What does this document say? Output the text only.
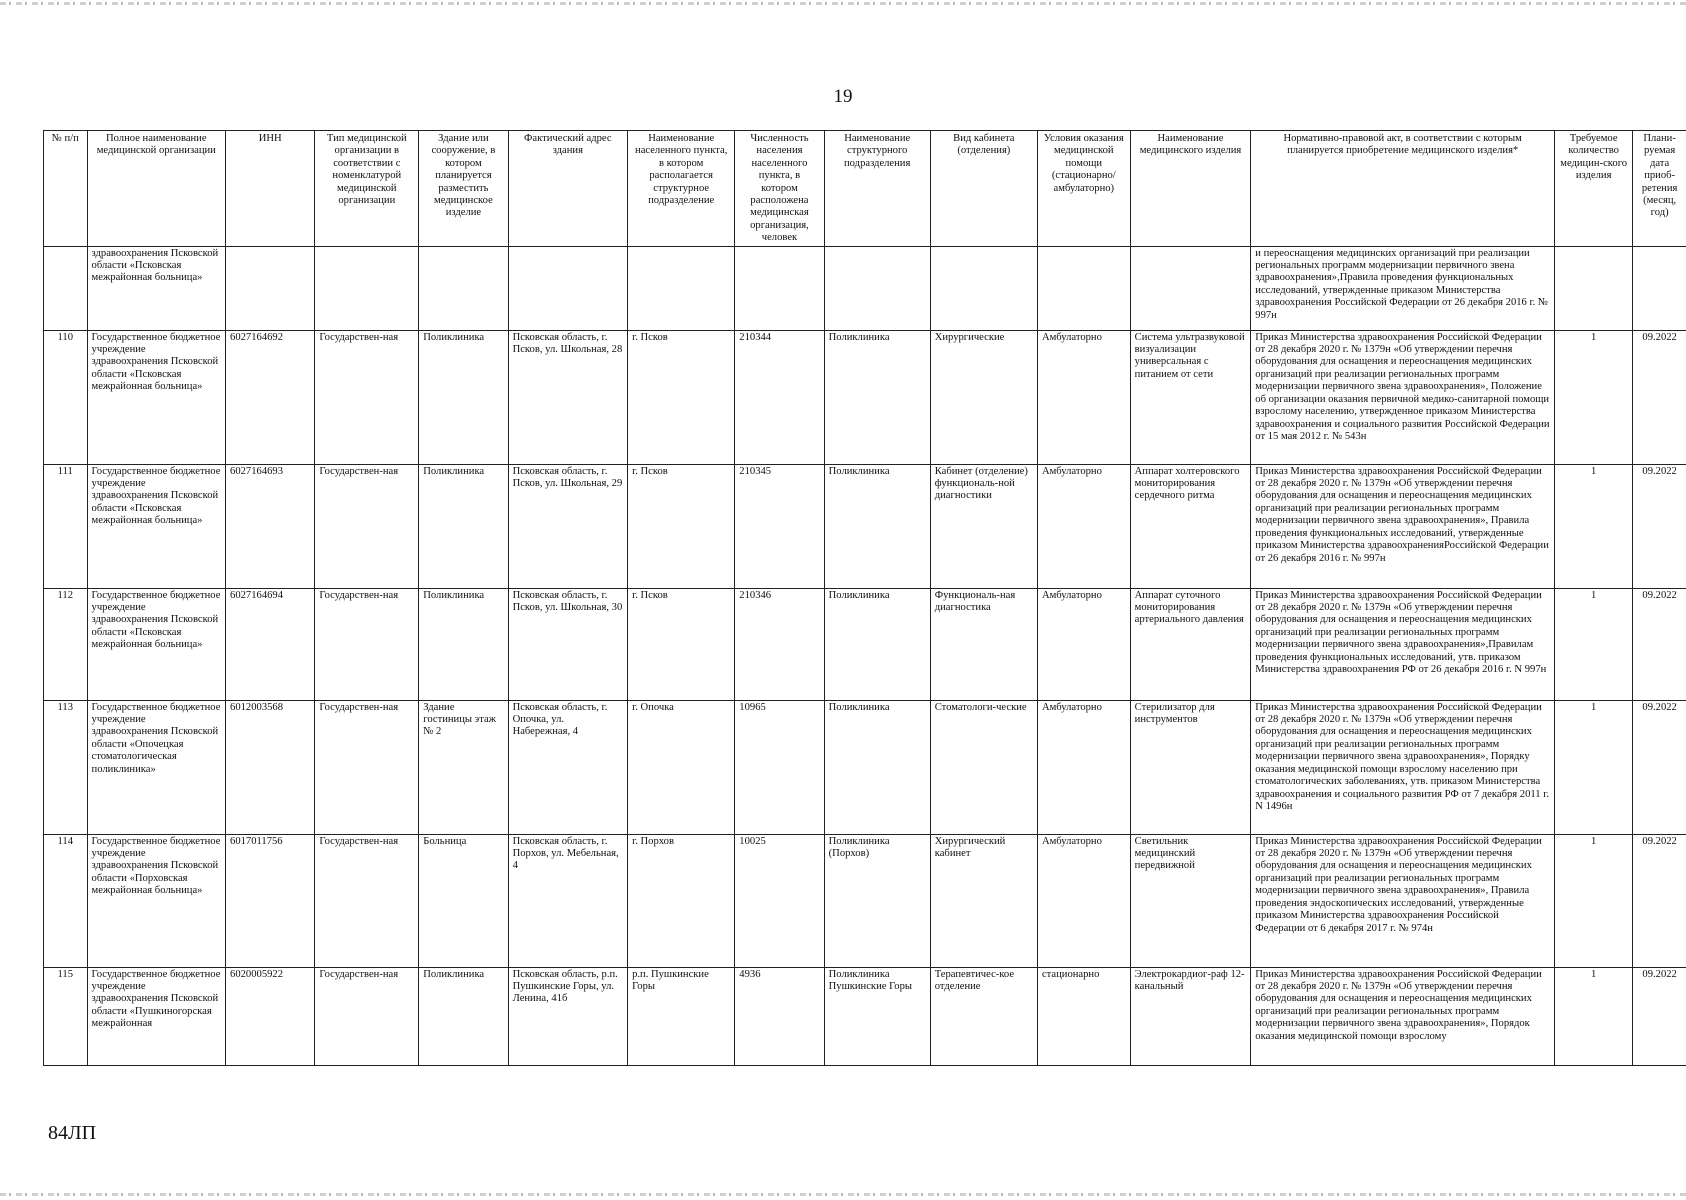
19
№ п/п	Полное наименование медицинской организации	ИНН	Тип медицинской организации в соответствии с номенклатурой медицинской организации	Здание или сооружение, в котором планируется разместить медицинское изделие	Фактический адрес здания	Наименование населенного пункта, в котором располагается структурное подразделение	Численность населения населенного пункта, в котором расположена медицинская организация, человек	Наименование структурного подразделения	Вид кабинета (отделения)	Условия оказания медицинской помощи (стационарно/ амбулаторно)	Наименование медицинского изделия	Нормативно-правовой акт, в соответствии с которым планируется приобретение медицинского изделия*	Требуемое количество медицин-ского изделия	Плани-руемая дата приоб-ретения (месяц, год)
	здравоохранения Псковской области «Псковская межрайонная больница»											и переоснащения медицинских организаций при реализации региональных программ модернизации первичного звена здравоохранения»,Правила проведения функциональных исследований, утвержденные приказом Министерства здравоохранения Российской Федерации от 26 декабря 2016 г. № 997н		
110	Государственное бюджетное учреждение здравоохранения Псковской области «Псковская межрайонная больница»	6027164692	Государствен-ная	Поликлиника	Псковская область, г. Псков, ул. Школьная, 28	г. Псков	210344	Поликлиника	Хирургические	Амбулаторно	Система ультразвуковой визуализации универсальная с питанием от сети	Приказ Министерства здравоохранения Российской Федерации от 28 декабря 2020 г. № 1379н «Об утверждении перечня оборудования для оснащения и переоснащения медицинских организаций при реализации региональных программ модернизации первичного звена здравоохранения», Положение об организации оказания первичной медико-санитарной помощи взрослому населению, утвержденное приказом Министерства здравоохранения и социального развития Российской Федерации от 15 мая 2012 г. № 543н	1	09.2022
111	Государственное бюджетное учреждение здравоохранения Псковской области «Псковская межрайонная больница»	6027164693	Государствен-ная	Поликлиника	Псковская область, г. Псков, ул. Школьная, 29	г. Псков	210345	Поликлиника	Кабинет (отделение) функциональ-ной диагностики	Амбулаторно	Аппарат холтеровского мониторирования сердечного ритма	Приказ Министерства здравоохранения Российской Федерации от 28 декабря 2020 г. № 1379н «Об утверждении перечня оборудования для оснащения и переоснащения медицинских организаций при реализации региональных программ модернизации первичного звена здравоохранения», Правила проведения функциональных исследований, утвержденные приказом Министерства здравоохраненияРоссийской Федерации от 26 декабря 2016 г. № 997н	1	09.2022
112	Государственное бюджетное учреждение здравоохранения Псковской области «Псковская межрайонная больница»	6027164694	Государствен-ная	Поликлиника	Псковская область, г. Псков, ул. Школьная, 30	г. Псков	210346	Поликлиника	Функциональ-ная диагностика	Амбулаторно	Аппарат суточного мониторирования артериального давления	Приказ Министерства здравоохранения Российской Федерации от 28 декабря 2020 г. № 1379н «Об утверждении перечня оборудования для оснащения и переоснащения медицинских организаций при реализации региональных программ модернизации первичного звена здравоохранения»,Правилам проведения функциональных исследований, утв. приказом Министерства здравоохранения РФ от 26 декабря 2016 г. N 997н	1	09.2022
113	Государственное бюджетное учреждение здравоохранения Псковской области «Опочецкая стоматологическая поликлиника»	6012003568	Государствен-ная	Здание гостиницы этаж № 2	Псковская область, г. Опочка, ул. Набережная, 4	г. Опочка	10965	Поликлиника	Стоматологи-ческие	Амбулаторно	Стерилизатор для инструментов	Приказ Министерства здравоохранения Российской Федерации от 28 декабря 2020 г. № 1379н «Об утверждении перечня оборудования для оснащения и переоснащения медицинских организаций при реализации региональных программ модернизации первичного звена здравоохранения», Порядку оказания медицинской помощи взрослому населению при стоматологических заболеваниях, утв. приказом Министерства здравоохранения и социального развития РФ от 7 декабря 2011 г. N 1496н	1	09.2022
114	Государственное бюджетное учреждение здравоохранения Псковской области «Порховская межрайонная больница»	6017011756	Государствен-ная	Больница	Псковская область, г. Порхов, ул. Мебельная, 4	г. Порхов	10025	Поликлиника (Порхов)	Хирургический кабинет	Амбулаторно	Светильник медицинский передвижной	Приказ Министерства здравоохранения Российской Федерации от 28 декабря 2020 г. № 1379н «Об утверждении перечня оборудования для оснащения и переоснащения медицинских организаций при реализации региональных программ модернизации первичного звена здравоохранения», Правила проведения эндоскопических исследований, утвержденные приказом Министерства здравоохранения Российской Федерации от 6 декабря 2017 г. № 974н	1	09.2022
115	Государственное бюджетное учреждение здравоохранения Псковской области «Пушкиногорская межрайонная	6020005922	Государствен-ная	Поликлиника	Псковская область, р.п. Пушкинские Горы, ул. Ленина, 41б	р.п. Пушкинские Горы	4936	Поликлиника Пушкинские Горы	Терапевтичес-кое отделение	стационарно	Электрокардиог-раф 12-канальный	Приказ Министерства здравоохранения Российской Федерации от 28 декабря 2020 г. № 1379н «Об утверждении перечня оборудования для оснащения и переоснащения медицинских организаций при реализации региональных программ модернизации первичного звена здравоохранения», Порядок оказания медицинской помощи взрослому	1	09.2022
84ЛП
